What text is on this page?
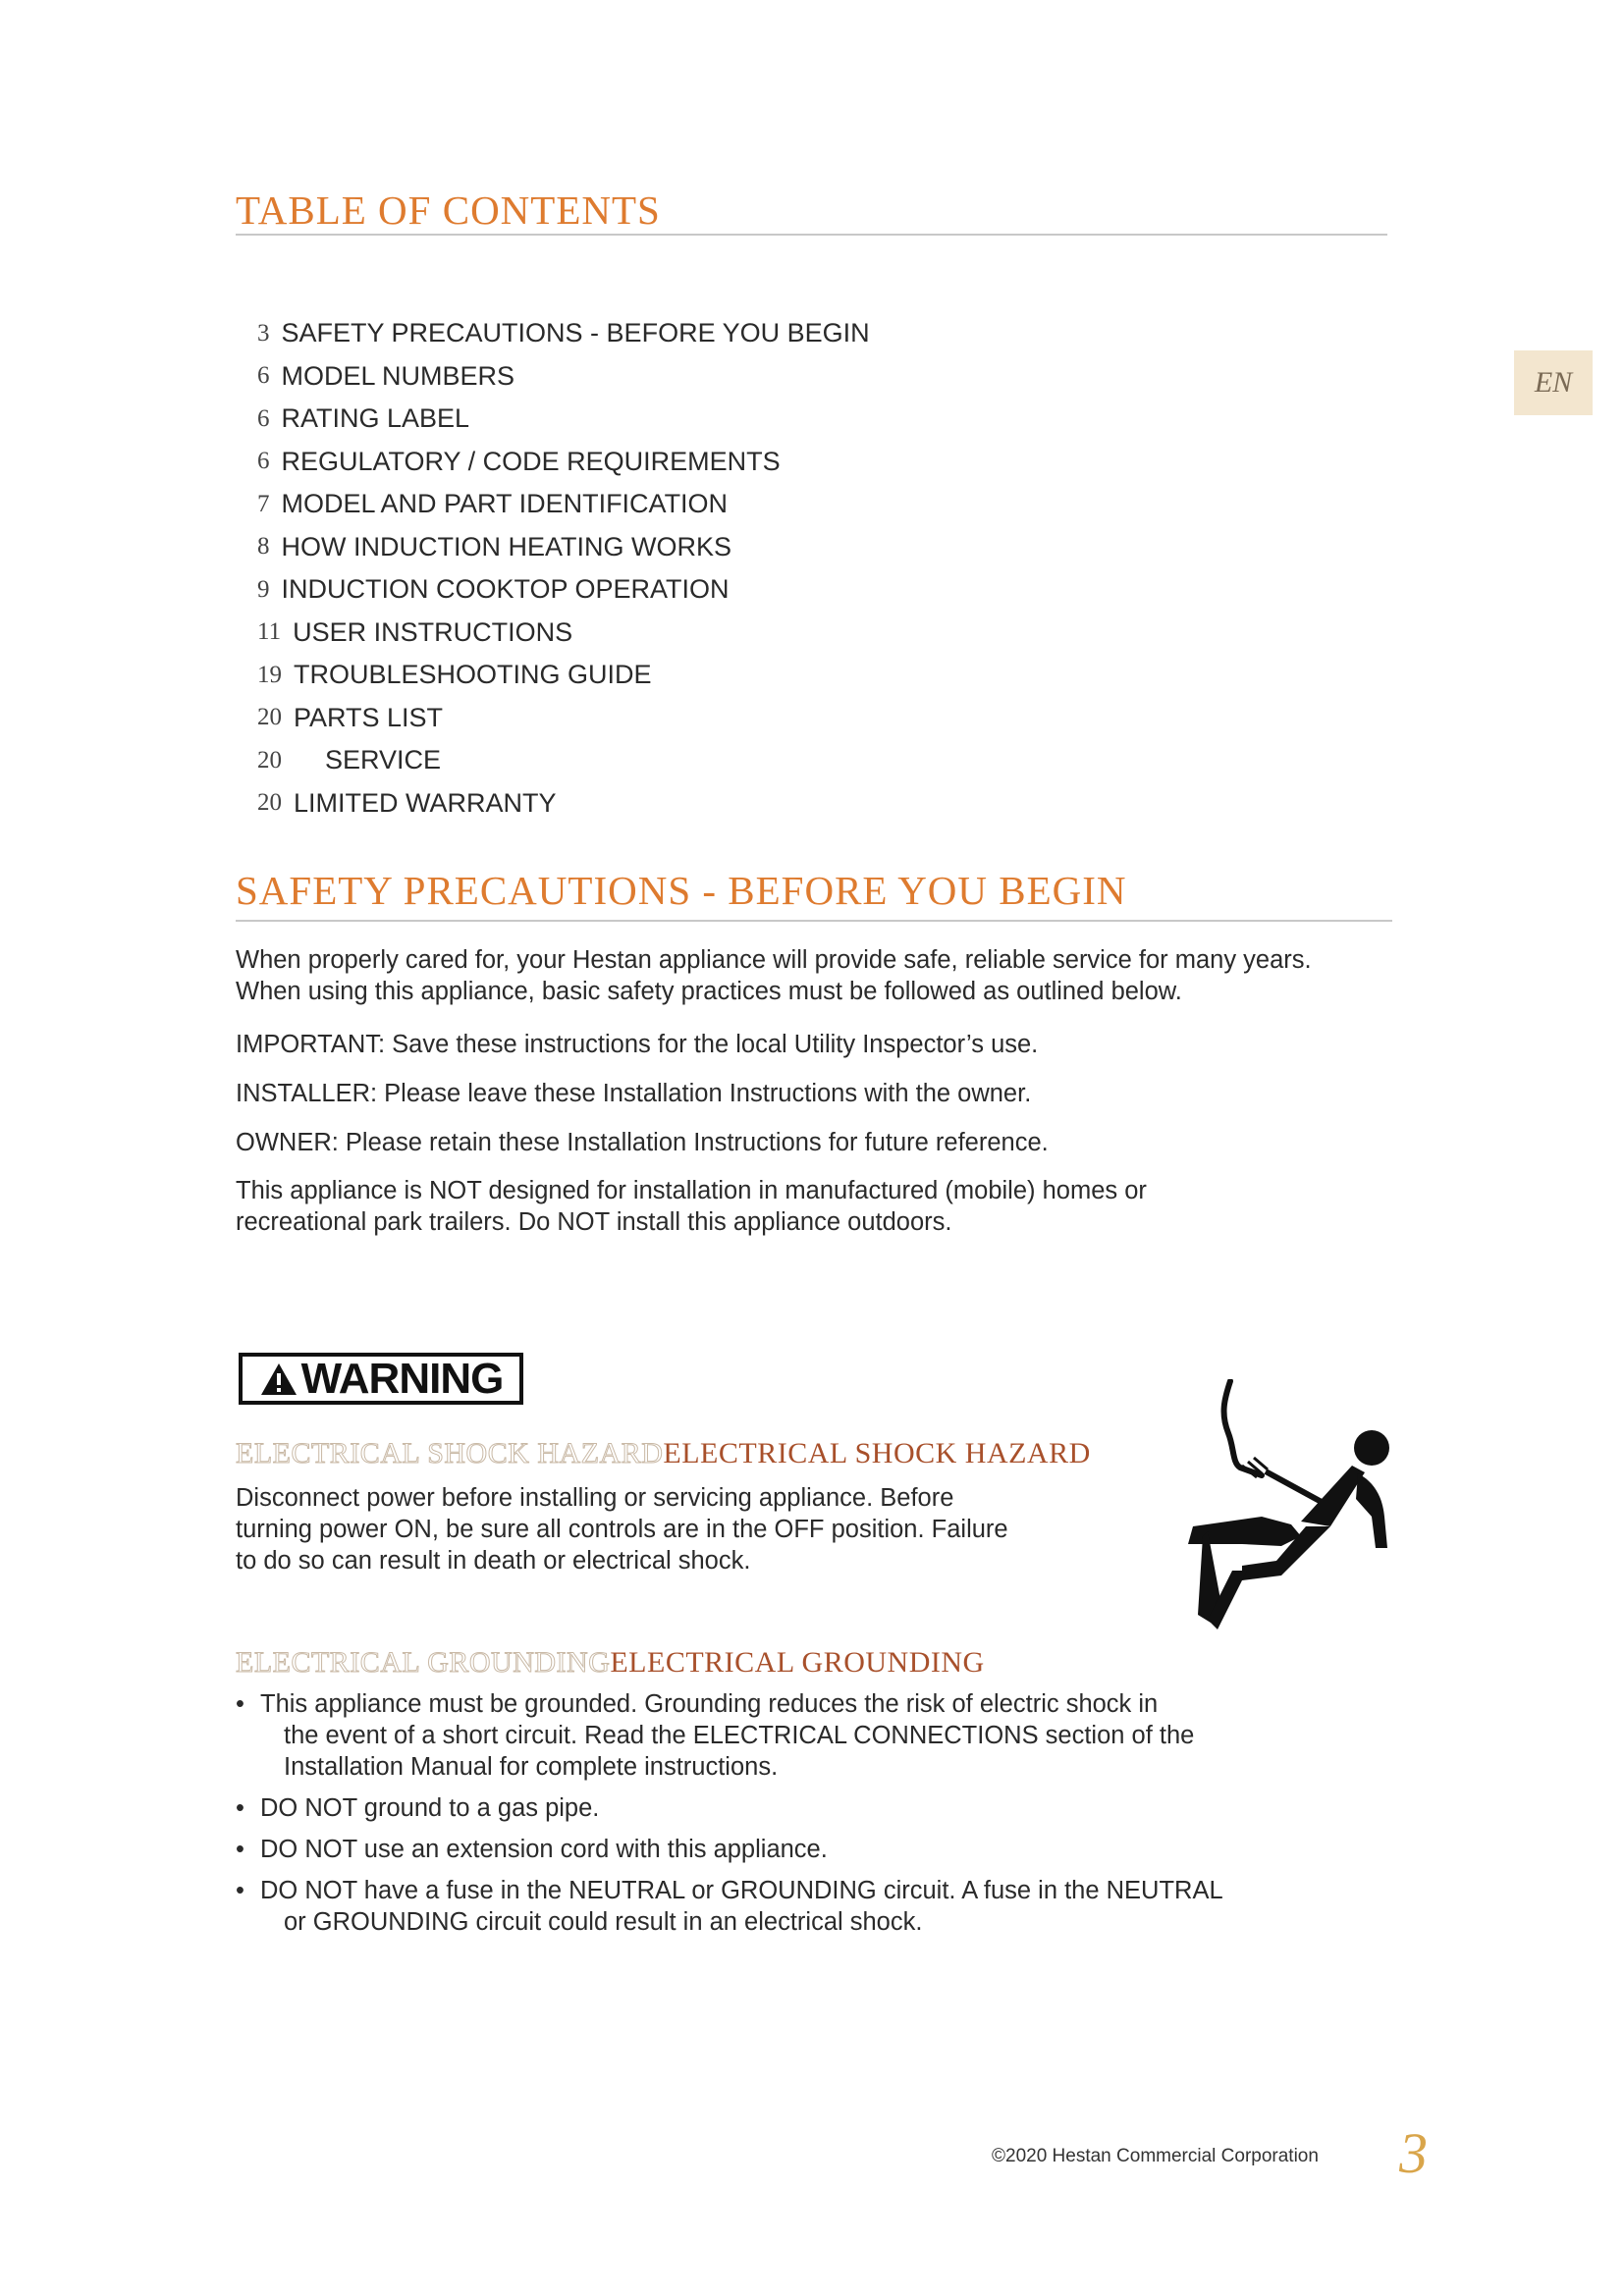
TABLE OF CONTENTS
EN
3 SAFETY PRECAUTIONS - BEFORE YOU BEGIN
6 MODEL NUMBERS
6 RATING LABEL
6 REGULATORY / CODE REQUIREMENTS
7 MODEL AND PART IDENTIFICATION
8 HOW INDUCTION HEATING WORKS
9 INDUCTION COOKTOP OPERATION
11 USER INSTRUCTIONS
19 TROUBLESHOOTING GUIDE
20 PARTS LIST
20 SERVICE
20 LIMITED WARRANTY
SAFETY PRECAUTIONS - BEFORE YOU BEGIN

When properly cared for, your Hestan appliance will provide safe, reliable service for many years. When using this appliance, basic safety practices must be followed as outlined below.

IMPORTANT: Save these instructions for the local Utility Inspector’s use.

INSTALLER: Please leave these Installation Instructions with the owner.

OWNER: Please retain these Installation Instructions for future reference.

This appliance is NOT designed for installation in manufactured (mobile) homes or recreational park trailers. Do NOT install this appliance outdoors.

WARNING
ELECTRICAL SHOCK HAZARDELECTRICAL SHOCK HAZARD

Disconnect power before installing or servicing appliance. Before
turning power ON, be sure all controls are in the OFF position. Failure
to do so can result in death or electrical shock.

ELECTRICAL GROUNDINGELECTRICAL GROUNDING
• This appliance must be grounded. Grounding reduces the risk of electric shock in
the event of a short circuit. Read the ELECTRICAL CONNECTIONS section of the
Installation Manual for complete instructions.
• DO NOT ground to a gas pipe.
• DO NOT use an extension cord with this appliance.
• DO NOT have a fuse in the NEUTRAL or GROUNDING circuit. A fuse in the NEUTRAL
or GROUNDING circuit could result in an electrical shock.
©2020 Hestan Commercial Corporation 3
